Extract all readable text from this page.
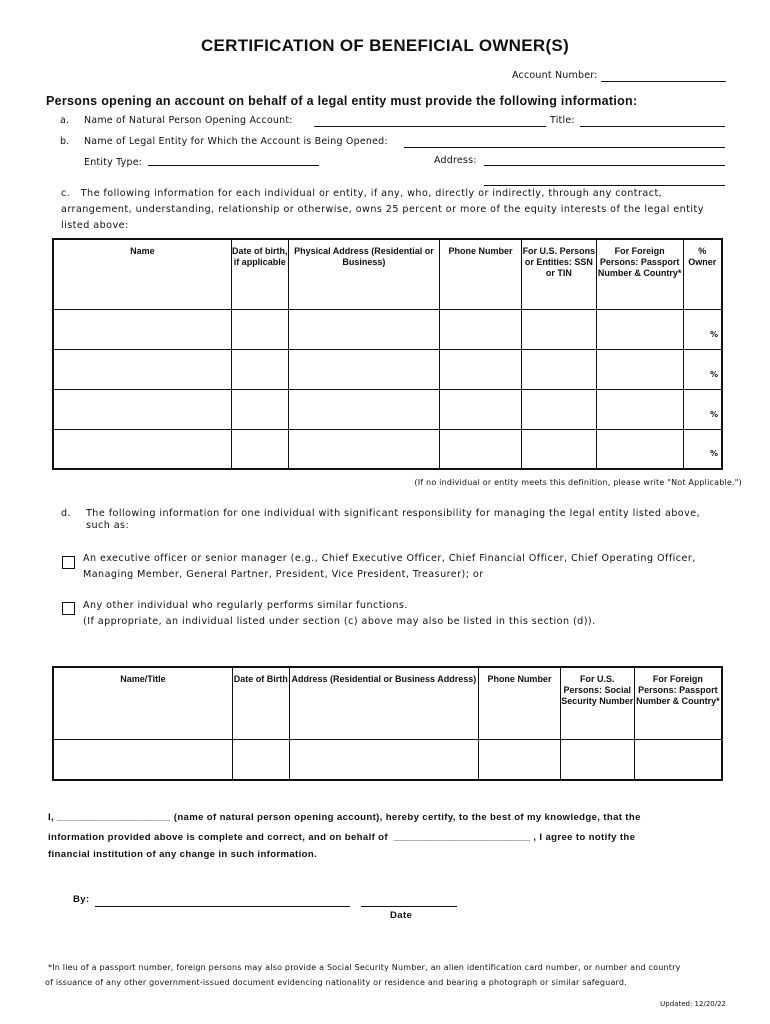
CERTIFICATION OF BENEFICIAL OWNER(S)
Account Number:
Persons opening an account on behalf of a legal entity must provide the following information:
a. Name of Natural Person Opening Account:	Title:
b. Name of Legal Entity for Which the Account is Being Opened:
Entity Type:	Address:
c.   The following information for each individual or entity, if any, who, directly or indirectly, through any contract,
arrangement, understanding, relationship or otherwise, owns 25 percent or more of the equity interests of the legal entity
listed above:
Name	Date of birth, if applicable	Physical Address (Residential or Business)	Phone Number	For U.S. Persons or Entities: SSN or TIN	For Foreign Persons: Passport Number & Country*	% Owner
						%
						%
						%
						%
(If no individual or entity meets this definition, please write "Not Applicable.")
d. The following information for one individual with significant responsibility for managing the legal entity listed above,
such as:
An executive officer or senior manager (e.g., Chief Executive Officer, Chief Financial Officer, Chief Operating Officer,
Managing Member, General Partner, President, Vice President, Treasurer); or
Any other individual who regularly performs similar functions.
(If appropriate, an individual listed under section (c) above may also be listed in this section (d)).
Name/Title	Date of Birth	Address (Residential or Business Address)	Phone Number	For U.S. Persons: Social Security Number	For Foreign Persons: Passport Number & Country*

I, ____________________ (name of natural person opening account), hereby certify, to the best of my knowledge, that the
information provided above is complete and correct, and on behalf of  ________________________ , I agree to notify the
financial institution of any change in such information.
By:
Date
*In lieu of a passport number, foreign persons may also provide a Social Security Number, an alien identification card number, or number and country
of issuance of any other government-issued document evidencing nationality or residence and bearing a photograph or similar safeguard.
Updated: 12/20/22
